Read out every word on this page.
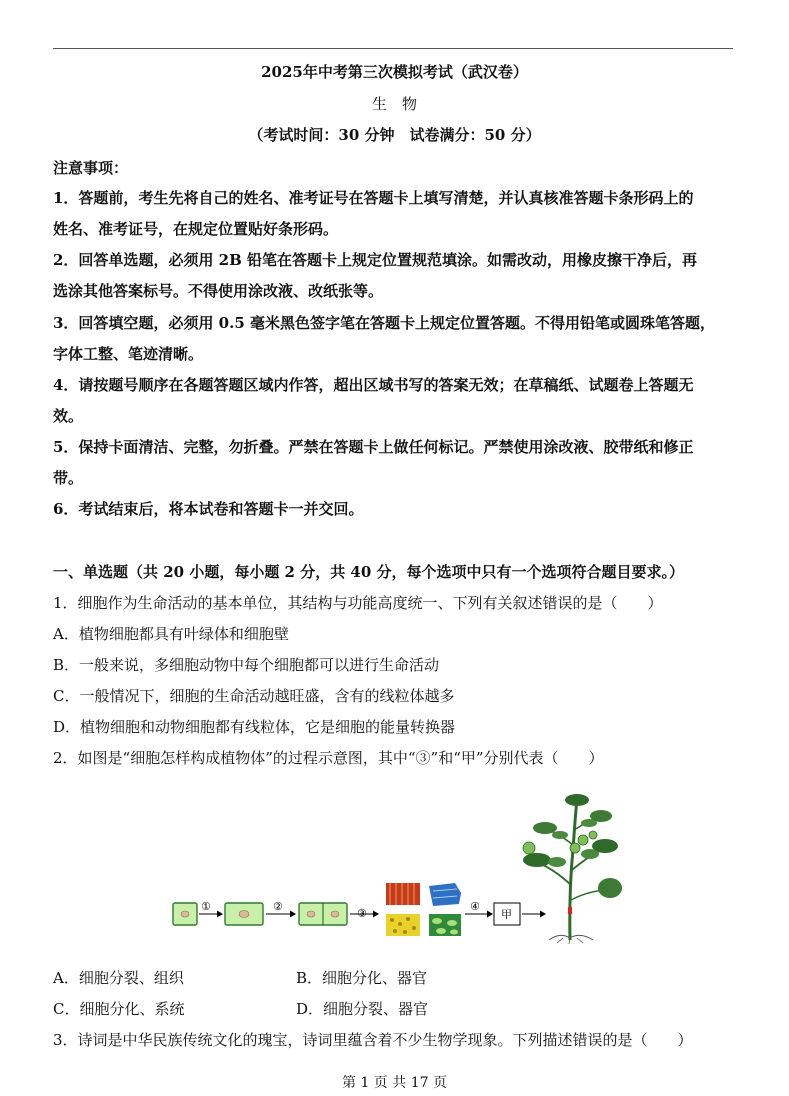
2025年中考第三次模拟考试（武汉卷）
生　物
（考试时间：30 分钟　试卷满分：50 分）
注意事项：
1．答题前，考生先将自己的姓名、准考证号在答题卡上填写清楚，并认真核准答题卡条形码上的
姓名、准考证号，在规定位置贴好条形码。
2．回答单选题，必须用 2B 铅笔在答题卡上规定位置规范填涂。如需改动，用橡皮擦干净后，再
选涂其他答案标号。不得使用涂改液、改纸张等。
3．回答填空题，必须用 0.5 毫米黑色签字笔在答题卡上规定位置答题。不得用铅笔或圆珠笔答题，
字体工整、笔迹清晰。
4．请按题号顺序在各题答题区域内作答，超出区域书写的答案无效；在草稿纸、试题卷上答题无
效。
5．保持卡面清洁、完整，勿折叠。严禁在答题卡上做任何标记。严禁使用涂改液、胶带纸和修正
带。
6．考试结束后，将本试卷和答题卡一并交回。
一、单选题（共 20 小题，每小题 2 分，共 40 分，每个选项中只有一个选项符合题目要求。）
1．细胞作为生命活动的基本单位，其结构与功能高度统一、下列有关叙述错误的是（　　）
A．植物细胞都具有叶绿体和细胞壁
B．一般来说，多细胞动物中每个细胞都可以进行生命活动
C．一般情况下，细胞的生命活动越旺盛，含有的线粒体越多
D．植物细胞和动物细胞都有线粒体，它是细胞的能量转换器
2．如图是“细胞怎样构成植物体”的过程示意图，其中“③”和“甲”分别代表（　　）
①	②
③
④
甲
A．细胞分裂、组织	B．细胞分化、器官
C．细胞分化、系统	D．细胞分裂、器官
3．诗词是中华民族传统文化的瑰宝，诗词里蕴含着不少生物学现象。下列描述错误的是（　　）
第 1 页 共 17 页
